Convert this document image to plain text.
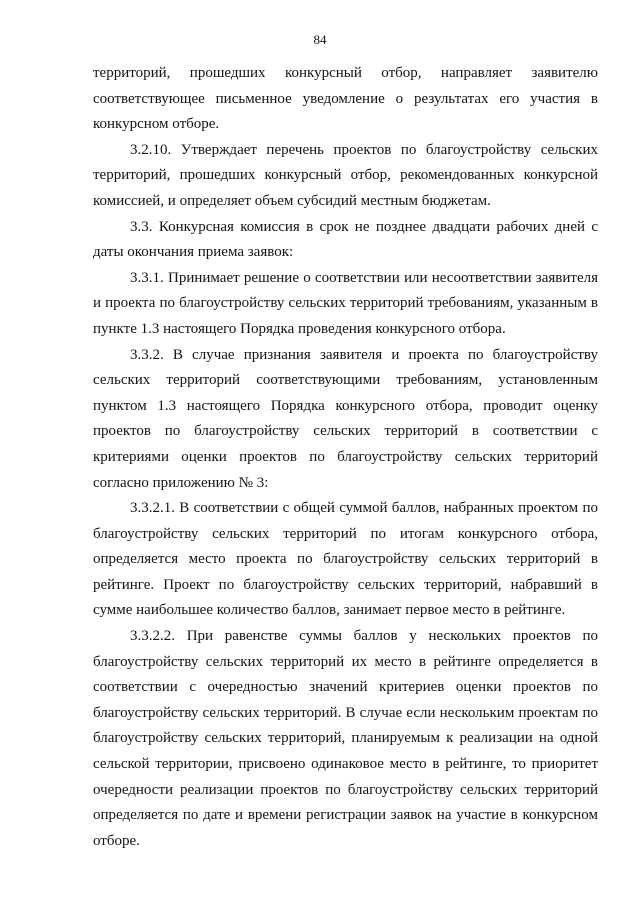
84

территорий, прошедших конкурсный отбор, направляет заявителю соответствующее письменное уведомление о результатах его участия в конкурсном отборе.

3.2.10. Утверждает перечень проектов по благоустройству сельских территорий, прошедших конкурсный отбор, рекомендованных конкурсной комиссией, и определяет объем субсидий местным бюджетам.

3.3. Конкурсная комиссия в срок не позднее двадцати рабочих дней с даты окончания приема заявок:

3.3.1. Принимает решение о соответствии или несоответствии заявителя и проекта по благоустройству сельских территорий требованиям, указанным в пункте 1.3 настоящего Порядка проведения конкурсного отбора.

3.3.2. В случае признания заявителя и проекта по благоустройству сельских территорий соответствующими требованиям, установленным пунктом 1.3 настоящего Порядка конкурсного отбора, проводит оценку проектов по благоустройству сельских территорий в соответствии с критериями оценки проектов по благоустройству сельских территорий согласно приложению № 3:

3.3.2.1. В соответствии с общей суммой баллов, набранных проектом по благоустройству сельских территорий по итогам конкурсного отбора, определяется место проекта по благоустройству сельских территорий в рейтинге. Проект по благоустройству сельских территорий, набравший в сумме наибольшее количество баллов, занимает первое место в рейтинге.

3.3.2.2. При равенстве суммы баллов у нескольких проектов по благоустройству сельских территорий их место в рейтинге определяется в соответствии с очередностью значений критериев оценки проектов по благоустройству сельских территорий. В случае если нескольким проектам по благоустройству сельских территорий, планируемым к реализации на одной сельской территории, присвоено одинаковое место в рейтинге, то приоритет очередности реализации проектов по благоустройству сельских территорий определяется по дате и времени регистрации заявок на участие в конкурсном отборе.
